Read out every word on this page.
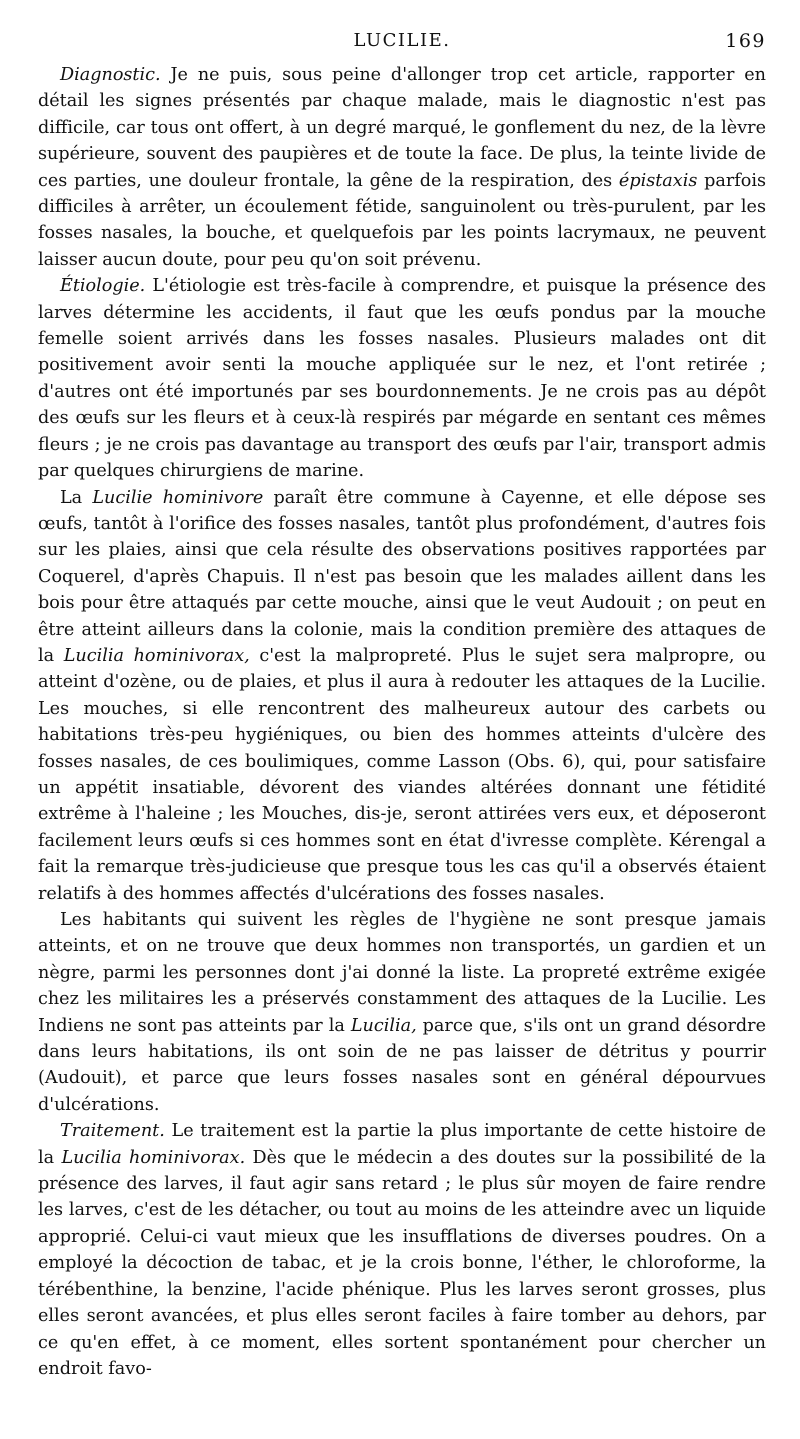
LUCILIE.	169

Diagnostic. Je ne puis, sous peine d'allonger trop cet article, rapporter en détail les signes présentés par chaque malade, mais le diagnostic n'est pas difficile, car tous ont offert, à un degré marqué, le gonflement du nez, de la lèvre supérieure, souvent des paupières et de toute la face. De plus, la teinte livide de ces parties, une douleur frontale, la gêne de la respiration, des épistaxis parfois difficiles à arrêter, un écoulement fétide, sanguinolent ou très-purulent, par les fosses nasales, la bouche, et quelquefois par les points lacrymaux, ne peuvent laisser aucun doute, pour peu qu'on soit prévenu.

Étiologie. L'étiologie est très-facile à comprendre, et puisque la présence des larves détermine les accidents, il faut que les œufs pondus par la mouche femelle soient arrivés dans les fosses nasales. Plusieurs malades ont dit positivement avoir senti la mouche appliquée sur le nez, et l'ont retirée ; d'autres ont été importunés par ses bourdonnements. Je ne crois pas au dépôt des œufs sur les fleurs et à ceux-là respirés par mégarde en sentant ces mêmes fleurs ; je ne crois pas davantage au transport des œufs par l'air, transport admis par quelques chirurgiens de marine.

La Lucilie hominivore paraît être commune à Cayenne, et elle dépose ses œufs, tantôt à l'orifice des fosses nasales, tantôt plus profondément, d'autres fois sur les plaies, ainsi que cela résulte des observations positives rapportées par Coquerel, d'après Chapuis. Il n'est pas besoin que les malades aillent dans les bois pour être attaqués par cette mouche, ainsi que le veut Audouit ; on peut en être atteint ailleurs dans la colonie, mais la condition première des attaques de la Lucilia hominivorax, c'est la malpropreté. Plus le sujet sera malpropre, ou atteint d'ozène, ou de plaies, et plus il aura à redouter les attaques de la Lucilie. Les mouches, si elle rencontrent des malheureux autour des carbets ou habitations très-peu hygiéniques, ou bien des hommes atteints d'ulcère des fosses nasales, de ces boulimiques, comme Lasson (Obs. 6), qui, pour satisfaire un appétit insatiable, dévorent des viandes altérées donnant une fétidité extrême à l'haleine ; les Mouches, dis-je, seront attirées vers eux, et déposeront facilement leurs œufs si ces hommes sont en état d'ivresse complète. Kérengal a fait la remarque très-judicieuse que presque tous les cas qu'il a observés étaient relatifs à des hommes affectés d'ulcérations des fosses nasales.

Les habitants qui suivent les règles de l'hygiène ne sont presque jamais atteints, et on ne trouve que deux hommes non transportés, un gardien et un nègre, parmi les personnes dont j'ai donné la liste. La propreté extrême exigée chez les militaires les a préservés constamment des attaques de la Lucilie. Les Indiens ne sont pas atteints par la Lucilia, parce que, s'ils ont un grand désordre dans leurs habitations, ils ont soin de ne pas laisser de détritus y pourrir (Audouit), et parce que leurs fosses nasales sont en général dépourvues d'ulcérations.

Traitement. Le traitement est la partie la plus importante de cette histoire de la Lucilia hominivorax. Dès que le médecin a des doutes sur la possibilité de la présence des larves, il faut agir sans retard ; le plus sûr moyen de faire rendre les larves, c'est de les détacher, ou tout au moins de les atteindre avec un liquide approprié. Celui-ci vaut mieux que les insufflations de diverses poudres. On a employé la décoction de tabac, et je la crois bonne, l'éther, le chloroforme, la térébenthine, la benzine, l'acide phénique. Plus les larves seront grosses, plus elles seront avancées, et plus elles seront faciles à faire tomber au dehors, par ce qu'en effet, à ce moment, elles sortent spontanément pour chercher un endroit favo-
